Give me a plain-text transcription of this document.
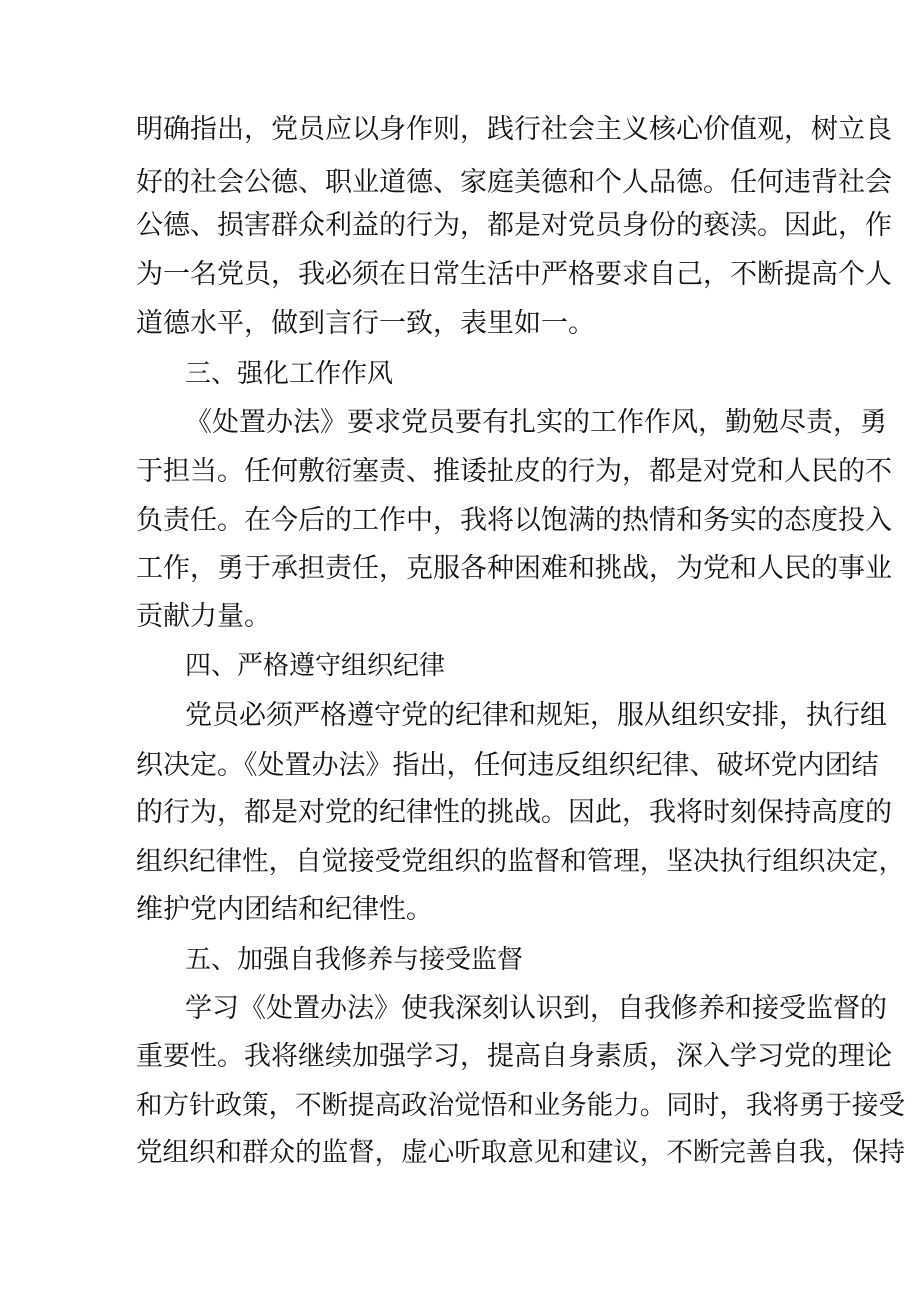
明确指出，党员应以身作则，践行社会主义核心价值观，树立良
好的社会公德、职业道德、家庭美德和个人品德。任何违背社会
公德、损害群众利益的行为，都是对党员身份的亵渎。因此，作
为一名党员，我必须在日常生活中严格要求自己，不断提高个人
道德水平，做到言行一致，表里如一。
三、强化工作作风
《处置办法》要求党员要有扎实的工作作风，勤勉尽责，勇
于担当。任何敷衍塞责、推诿扯皮的行为，都是对党和人民的不
负责任。在今后的工作中，我将以饱满的热情和务实的态度投入
工作，勇于承担责任，克服各种困难和挑战，为党和人民的事业
贡献力量。
四、严格遵守组织纪律
党员必须严格遵守党的纪律和规矩，服从组织安排，执行组
织决定。《处置办法》指出，任何违反组织纪律、破坏党内团结
的行为，都是对党的纪律性的挑战。因此，我将时刻保持高度的
组织纪律性，自觉接受党组织的监督和管理，坚决执行组织决定，
维护党内团结和纪律性。
五、加强自我修养与接受监督
学习《处置办法》使我深刻认识到，自我修养和接受监督的
重要性。我将继续加强学习，提高自身素质，深入学习党的理论
和方针政策，不断提高政治觉悟和业务能力。同时，我将勇于接受
党组织和群众的监督，虚心听取意见和建议，不断完善自我，保持
